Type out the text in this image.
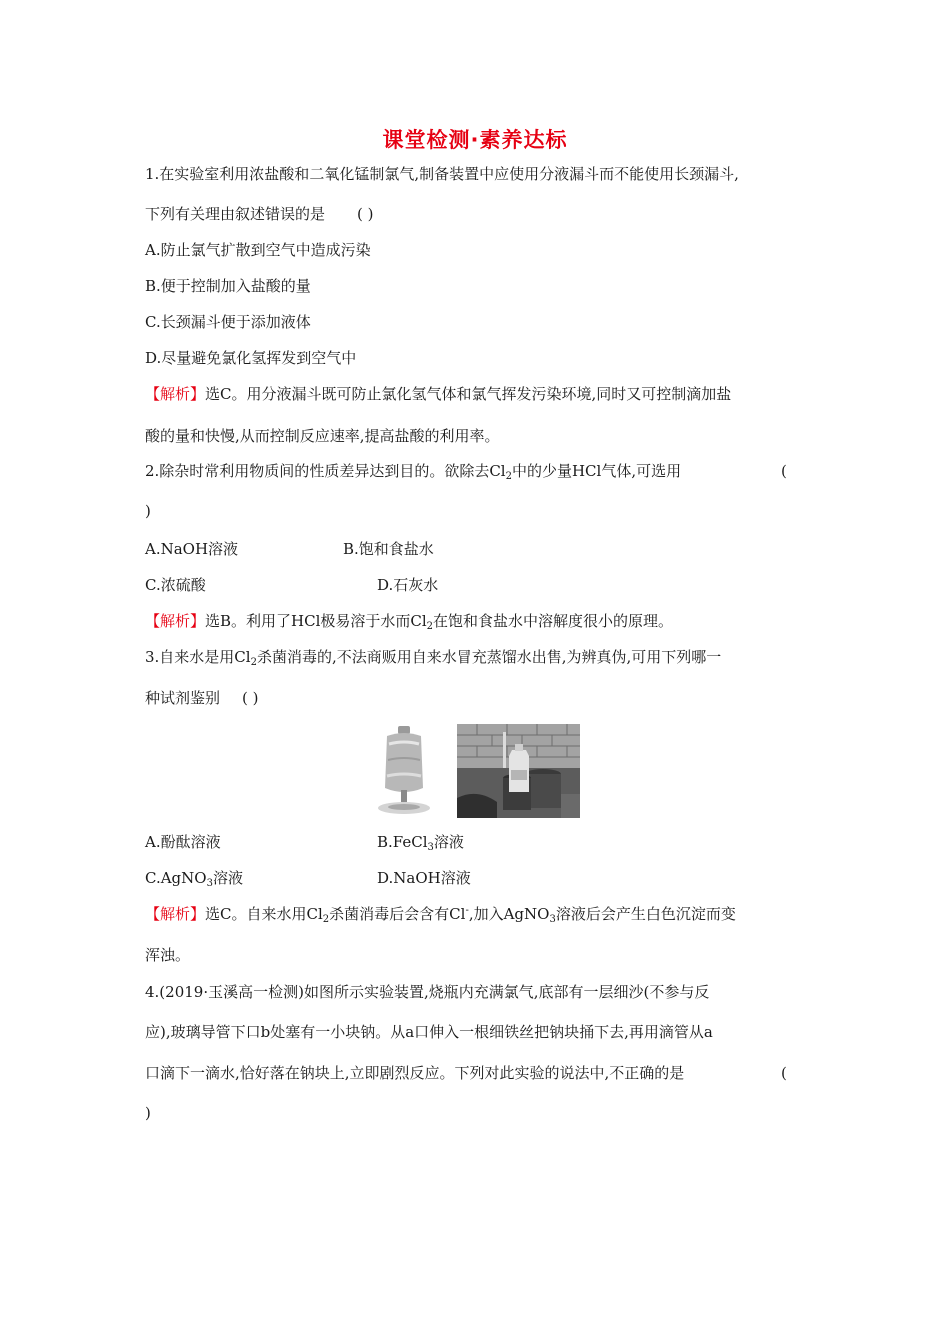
课堂检测·素养达标
1.在实验室利用浓盐酸和二氧化锰制氯气,制备装置中应使用分液漏斗而不能使用长颈漏斗,
下列有关理由叙述错误的是 ( )
A.防止氯气扩散到空气中造成污染
B.便于控制加入盐酸的量
C.长颈漏斗便于添加液体
D.尽量避免氯化氢挥发到空气中
【解析】选C。用分液漏斗既可防止氯化氢气体和氯气挥发污染环境,同时又可控制滴加盐
酸的量和快慢,从而控制反应速率,提高盐酸的利用率。
2.除杂时常利用物质间的性质差异达到目的。欲除去$Cl_2$中的少量HCl气体,可选用	(
)
A.NaOH溶液	B.饱和食盐水
C.浓硫酸	D.石灰水
【解析】选B。利用了HCl极易溶于水而$Cl_2$在饱和食盐水中溶解度很小的原理。
3.自来水是用$Cl_2$杀菌消毒的,不法商贩用自来水冒充蒸馏水出售,为辨真伪,可用下列哪一
种试剂鉴别 ( )
A.酚酞溶液	B.FeCl$_3$溶液
C.AgNO$_3$溶液	D.NaOH溶液
【解析】选C。自来水用$Cl_2$杀菌消毒后会含有Cl-,加入AgNO$_3$溶液后会产生白色沉淀而变
浑浊。
4.(2019·玉溪高一检测)如图所示实验装置,烧瓶内充满氯气,底部有一层细沙(不参与反
应),玻璃导管下口b处塞有一小块钠。从a口伸入一根细铁丝把钠块捅下去,再用滴管从a
口滴下一滴水,恰好落在钠块上,立即剧烈反应。下列对此实验的说法中,不正确的是	(
)
